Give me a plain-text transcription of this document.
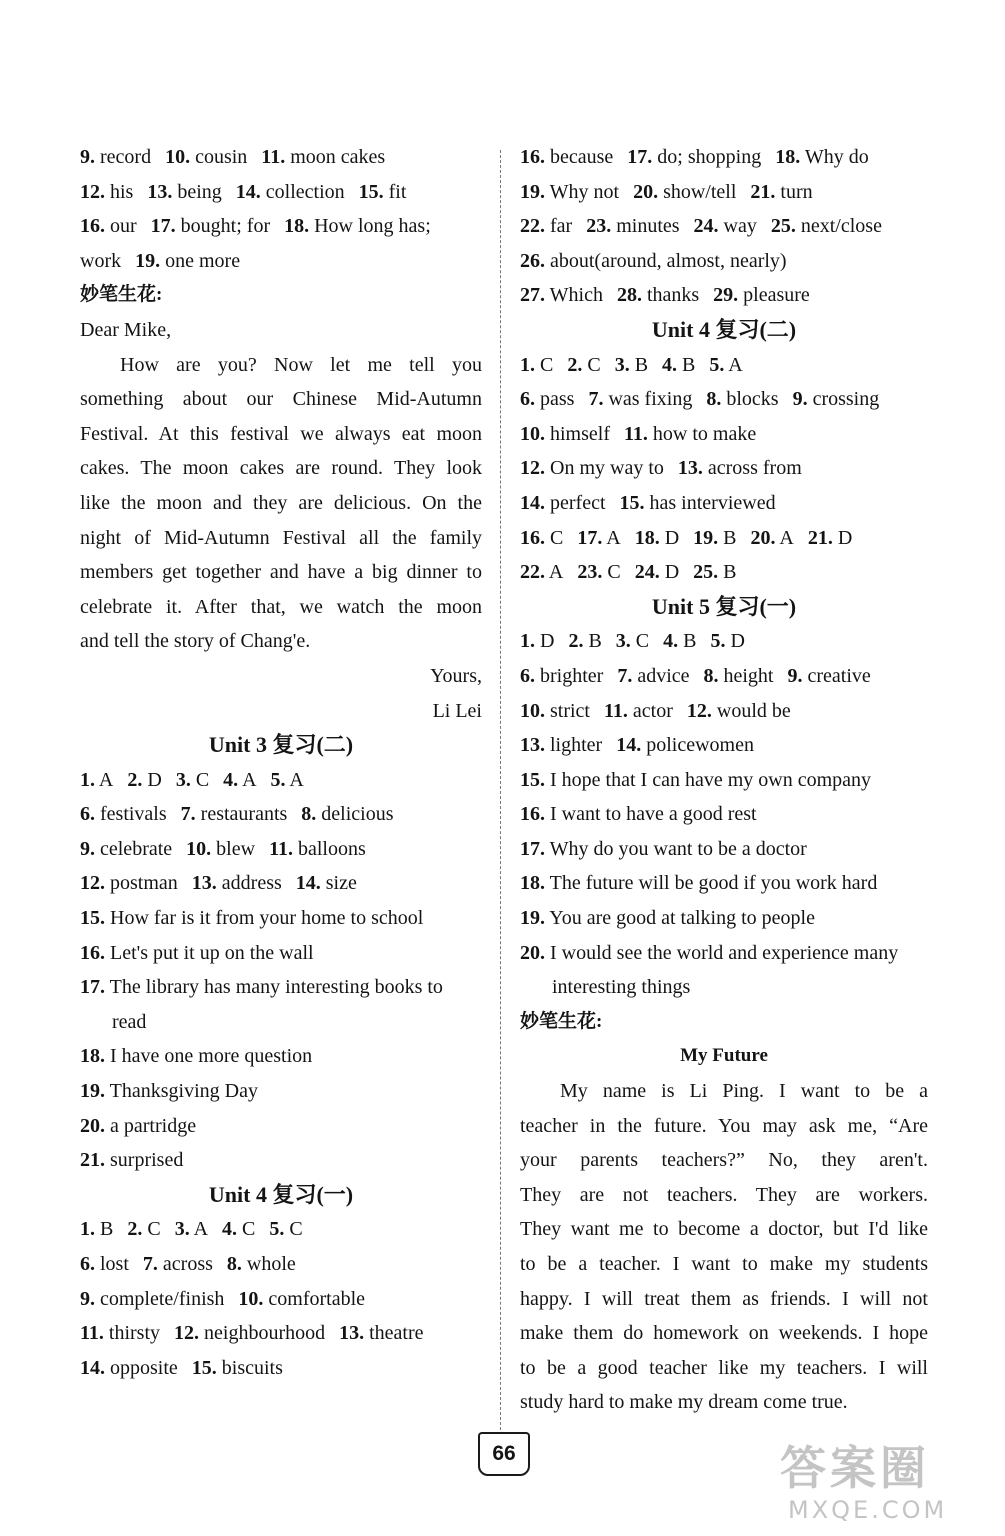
9. record 10. cousin 11. moon cakes
12. his 13. being 14. collection 15. fit
16. our 17. bought; for 18. How long has;
work 19. one more
妙笔生花:
Dear Mike,
How are you? Now let me tell you
something about our Chinese Mid-Autumn
Festival. At this festival we always eat moon
cakes. The moon cakes are round. They look
like the moon and they are delicious. On the
night of Mid-Autumn Festival all the family
members get together and have a big dinner to
celebrate it. After that, we watch the moon
and tell the story of Chang'e.
Yours,
Li Lei
Unit 3 复习(二)
1. A 2. D 3. C 4. A 5. A
6. festivals 7. restaurants 8. delicious
9. celebrate 10. blew 11. balloons
12. postman 13. address 14. size
15. How far is it from your home to school
16. Let's put it up on the wall
17. The library has many interesting books to
read
18. I have one more question
19. Thanksgiving Day
20. a partridge
21. surprised
Unit 4 复习(一)
1. B 2. C 3. A 4. C 5. C
6. lost 7. across 8. whole
9. complete/finish 10. comfortable
11. thirsty 12. neighbourhood 13. theatre
14. opposite 15. biscuits
16. because 17. do; shopping 18. Why do
19. Why not 20. show/tell 21. turn
22. far 23. minutes 24. way 25. next/close
26. about(around, almost, nearly)
27. Which 28. thanks 29. pleasure
Unit 4 复习(二)
1. C 2. C 3. B 4. B 5. A
6. pass 7. was fixing 8. blocks 9. crossing
10. himself 11. how to make
12. On my way to 13. across from
14. perfect 15. has interviewed
16. C 17. A 18. D 19. B 20. A 21. D
22. A 23. C 24. D 25. B
Unit 5 复习(一)
1. D 2. B 3. C 4. B 5. D
6. brighter 7. advice 8. height 9. creative
10. strict 11. actor 12. would be
13. lighter 14. policewomen
15. I hope that I can have my own company
16. I want to have a good rest
17. Why do you want to be a doctor
18. The future will be good if you work hard
19. You are good at talking to people
20. I would see the world and experience many
interesting things
妙笔生花:
My Future
My name is Li Ping. I want to be a
teacher in the future. You may ask me, “Are
your parents teachers?” No, they aren't.
They are not teachers. They are workers.
They want me to become a doctor, but I'd like
to be a teacher. I want to make my students
happy. I will treat them as friends. I will not
make them do homework on weekends. I hope
to be a good teacher like my teachers. I will
study hard to make my dream come true.
66	答案圈
MXQE.COM
